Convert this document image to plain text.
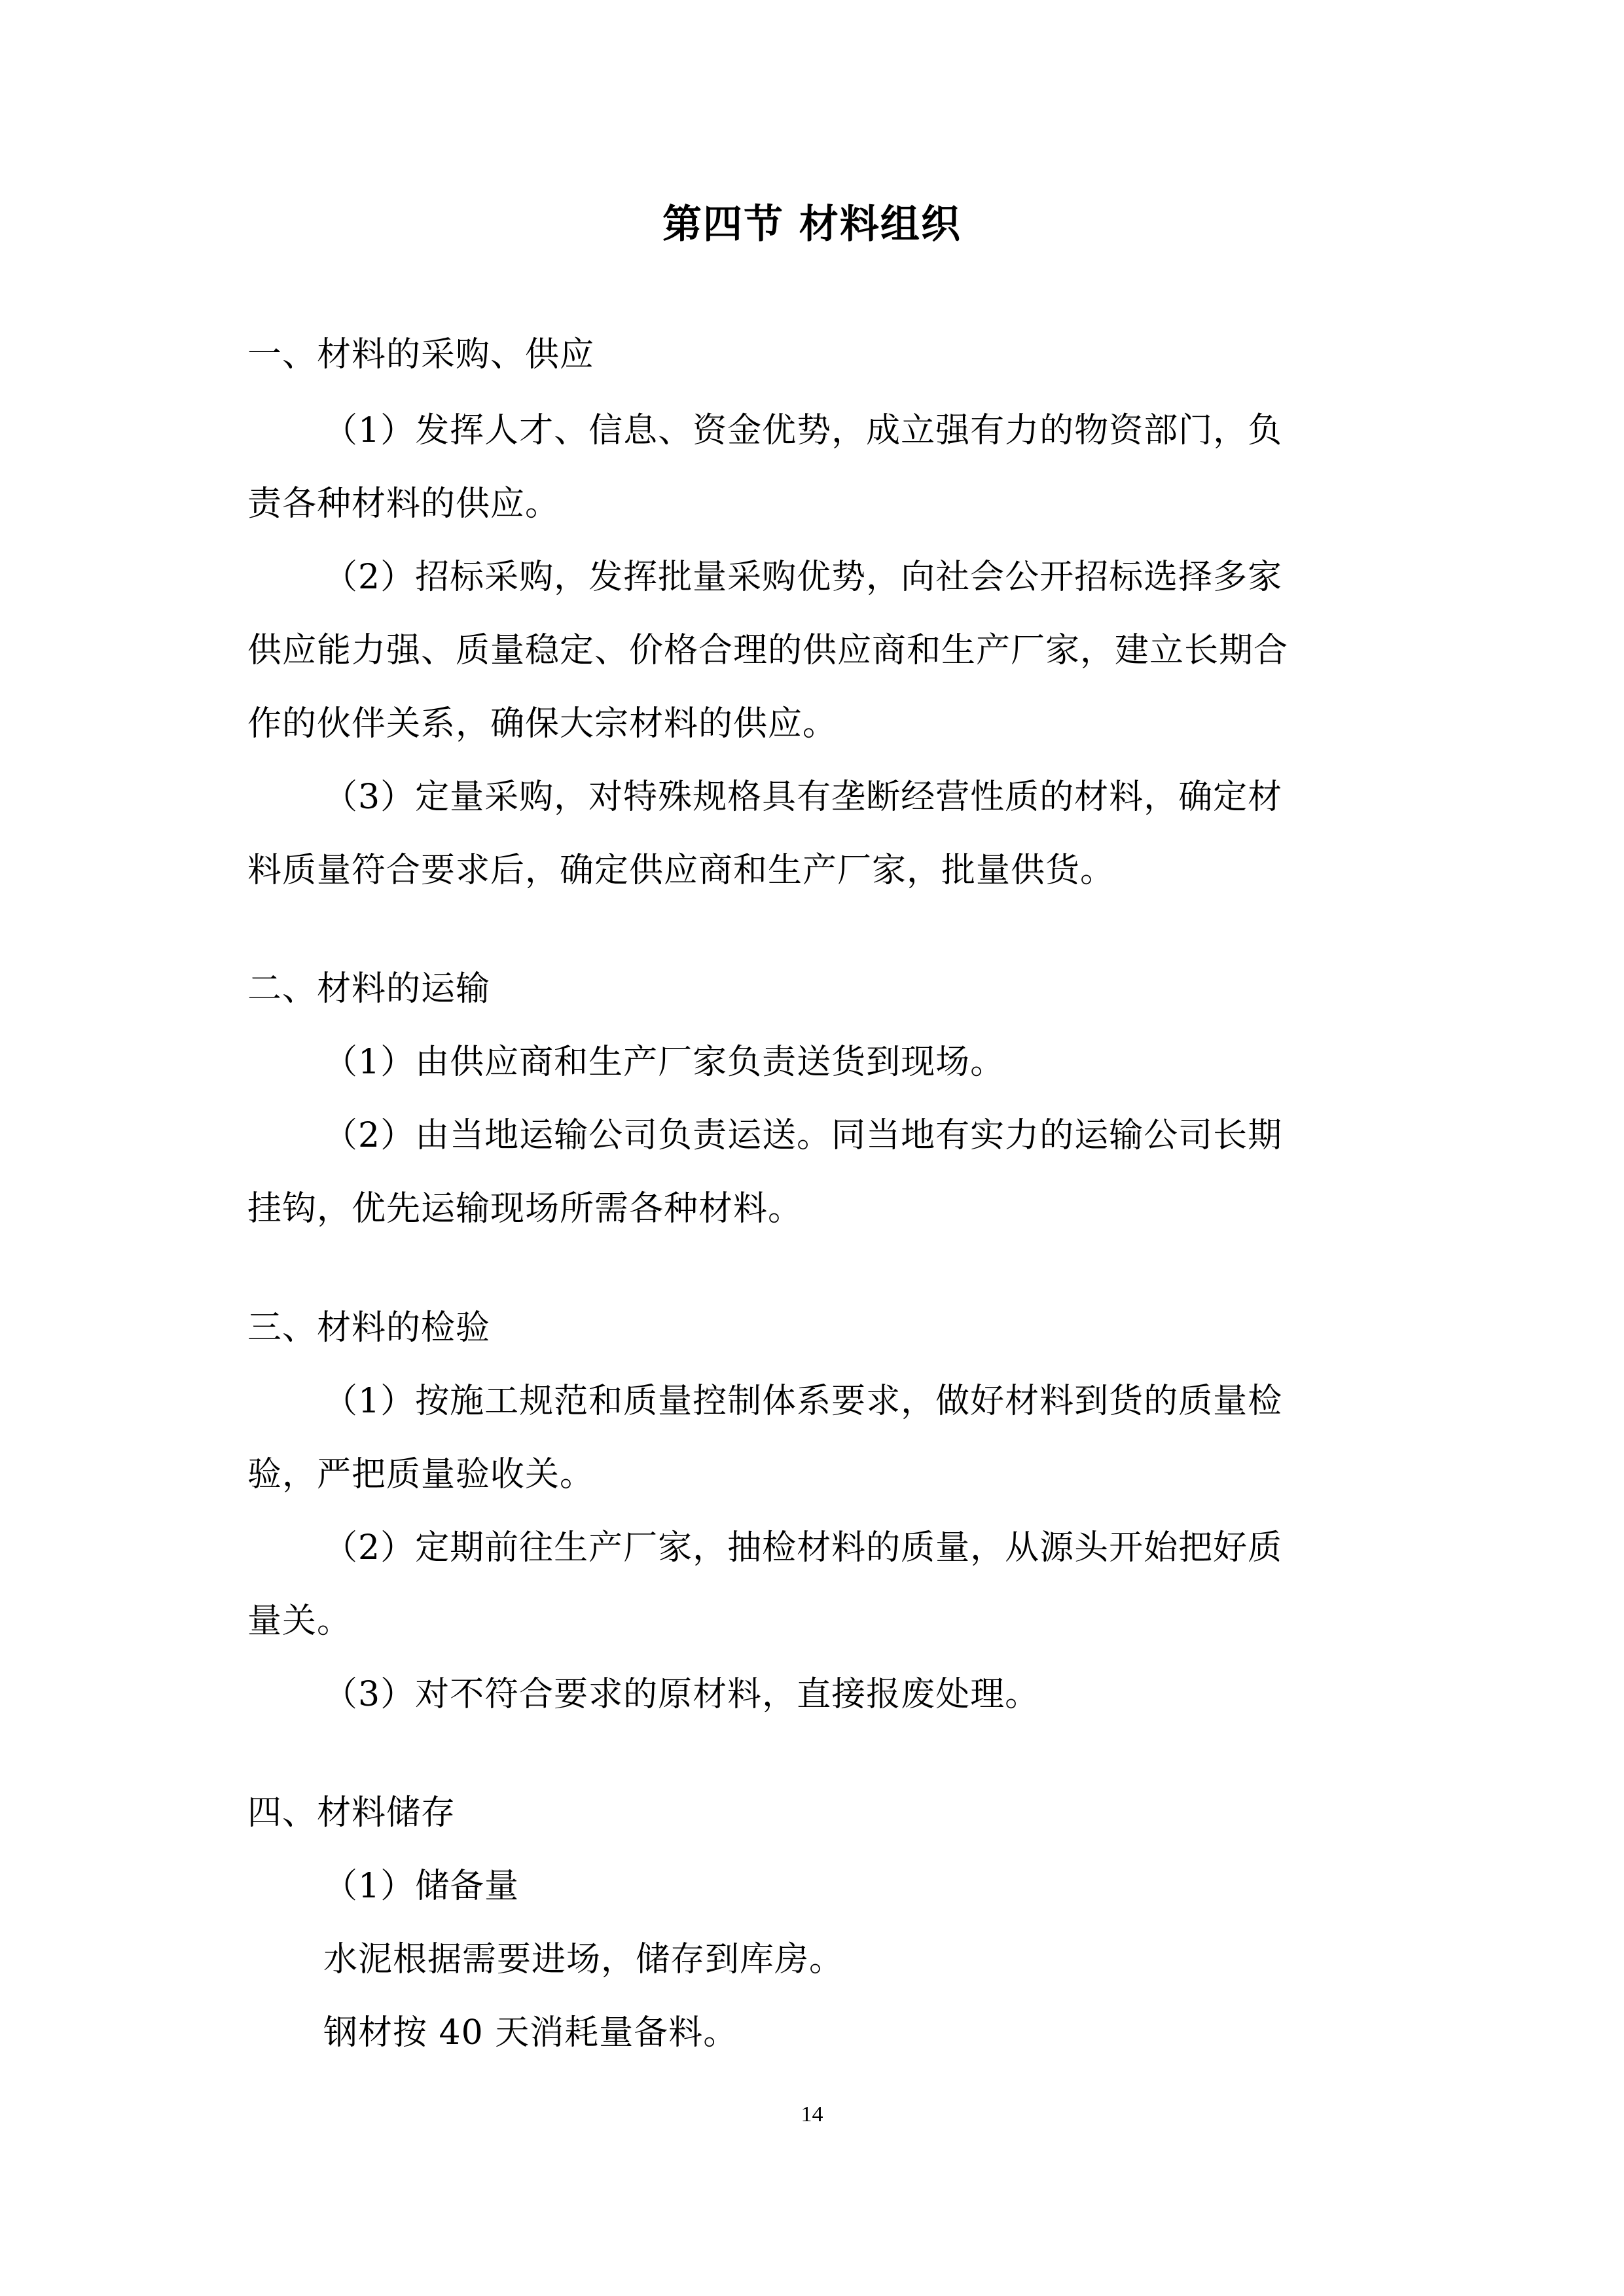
第四节 材料组织
一、材料的采购、供应
（1）发挥人才、信息、资金优势，成立强有力的物资部门，负
责各种材料的供应。
（2）招标采购，发挥批量采购优势，向社会公开招标选择多家
供应能力强、质量稳定、价格合理的供应商和生产厂家，建立长期合
作的伙伴关系，确保大宗材料的供应。
（3）定量采购，对特殊规格具有垄断经营性质的材料，确定材
料质量符合要求后，确定供应商和生产厂家，批量供货。
二、材料的运输
（1）由供应商和生产厂家负责送货到现场。
（2）由当地运输公司负责运送。同当地有实力的运输公司长期
挂钩，优先运输现场所需各种材料。
三、材料的检验
（1）按施工规范和质量控制体系要求，做好材料到货的质量检
验，严把质量验收关。
（2）定期前往生产厂家，抽检材料的质量，从源头开始把好质
量关。
（3）对不符合要求的原材料，直接报废处理。
四、材料储存
（1）储备量
水泥根据需要进场，储存到库房。
钢材按 40 天消耗量备料。
14
